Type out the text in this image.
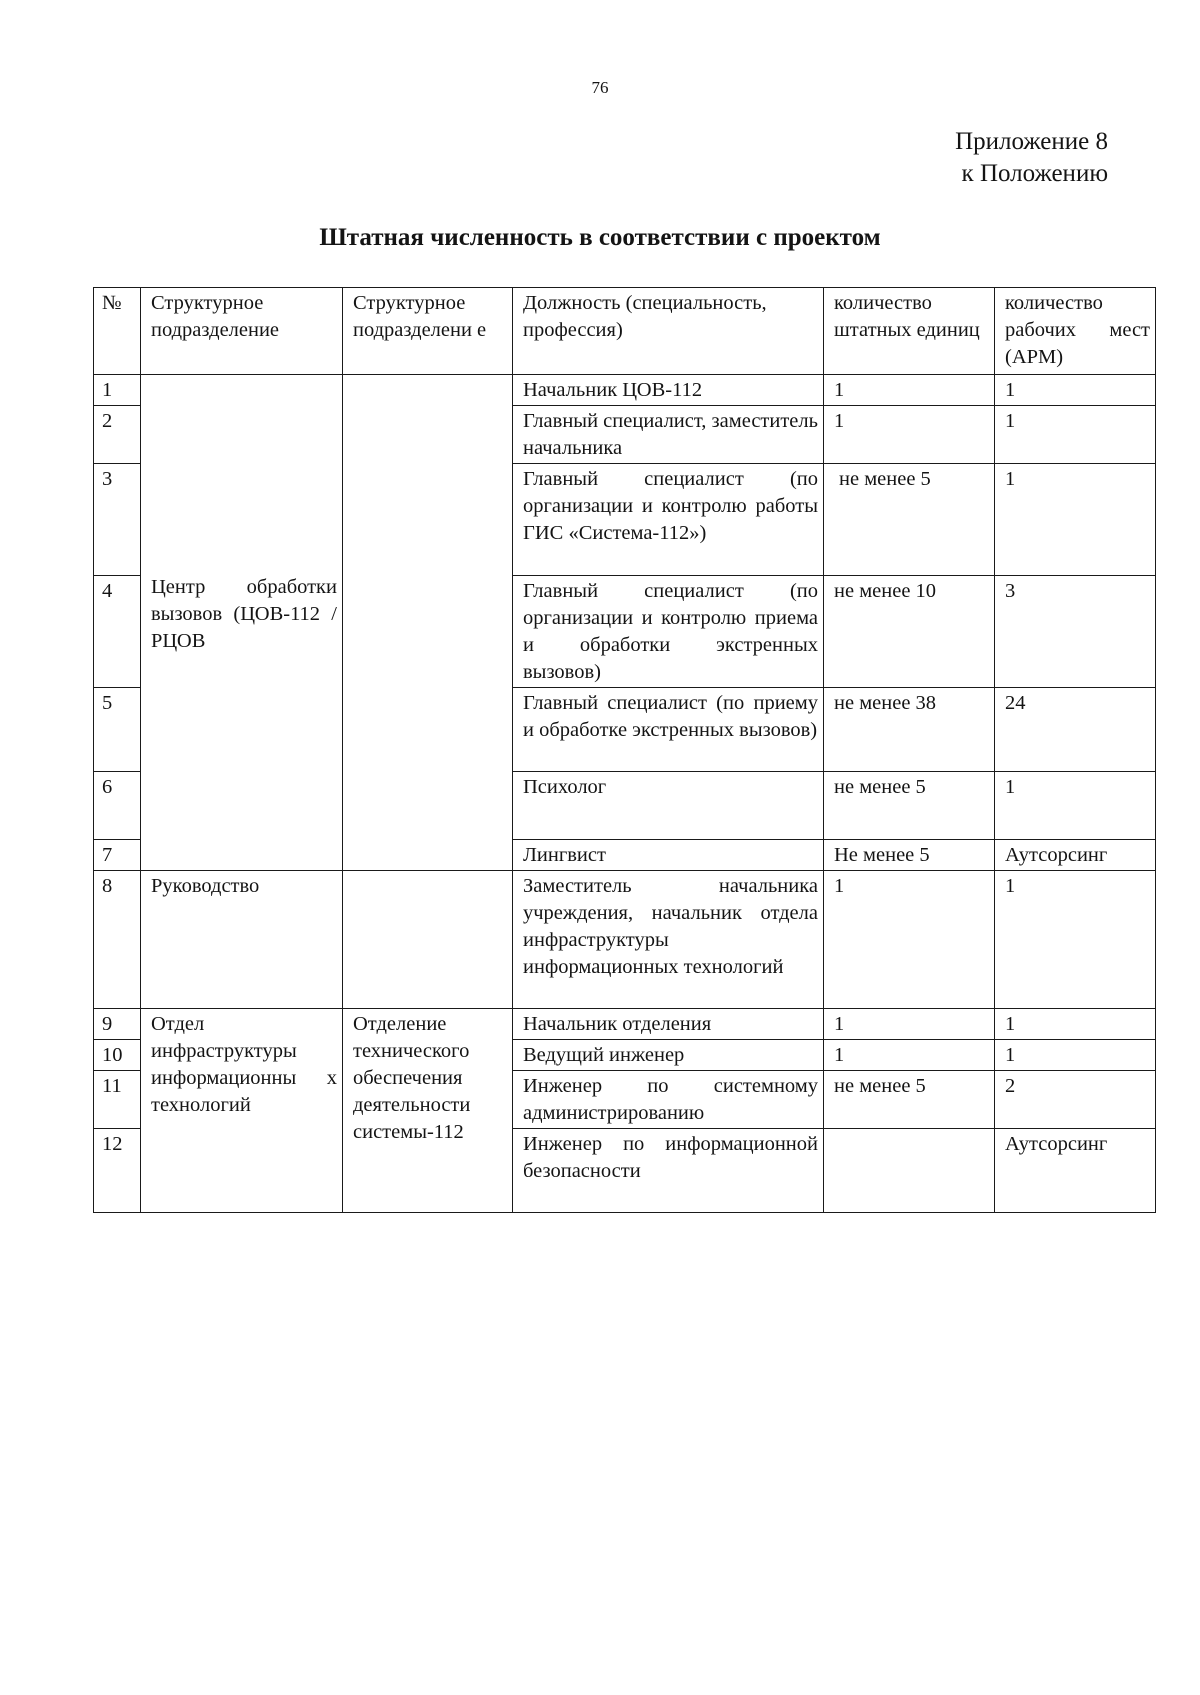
76
Приложение 8
к Положению
Штатная численность в соответствии с проектом
№	Структурное подразделение	Структурное подразделени е	Должность (специальность, профессия)	количество штатных единиц	количество рабочих мест (АРМ)
1	Центр обработки вызовов (ЦОВ-112 /РЦОВ		Начальник ЦОВ-112	1	1
2			Главный специалист, заместитель начальника	1	1
3			Главный специалист (по организации и контролю работы ГИС «Система-112»)	не менее 5	1
4			Главный специалист (по организации и контролю приема и обработки экстренных вызовов)	не менее 10	3
5			Главный специалист (по приему и обработке экстренных вызовов)	не менее 38	24
6			Психолог	не менее 5	1
7			Лингвист	Не менее 5	Аутсорсинг
8	Руководство		Заместитель начальника учреждения, начальник отдела инфраструктуры информационных технологий	1	1
9	Отдел инфраструктуры информационны х технологий	Отделение технического обеспечения деятельности системы-112	Начальник отделения	1	1
10			Ведущий инженер	1	1
11			Инженер по системному администрированию	не менее 5	2
12			Инженер по информационной безопасности		Аутсорсинг
